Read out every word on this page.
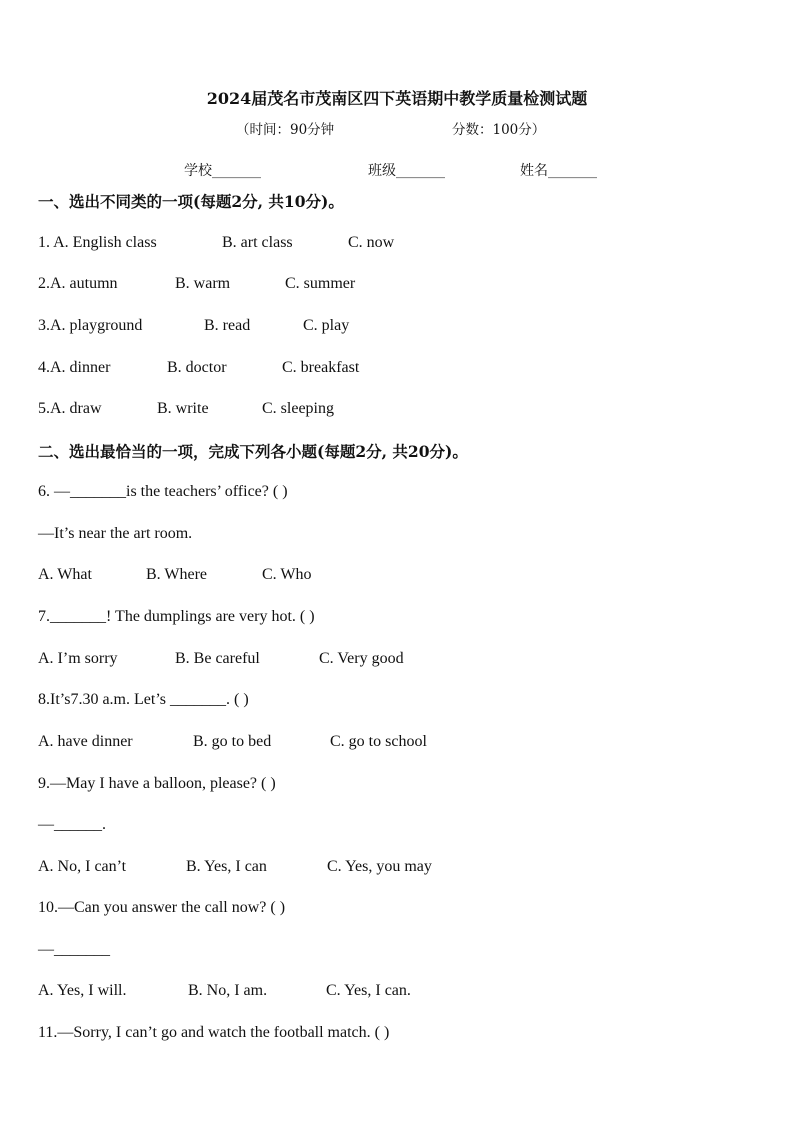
2024届茂名市茂南区四下英语期中教学质量检测试题
（时间：90分钟	分数：100分）
学校_______	班级_______	姓名_______
一、选出不同类的一项(每题2分, 共10分)。
1. A. English class	B. art class	C. now
2.A. autumn	B. warm	C. summer
3.A. playground	B. read	C. play
4.A. dinner	B. doctor	C. breakfast
5.A. draw	B. write	C. sleeping
二、选出最恰当的一项，完成下列各小题(每题2分, 共20分)。
6. —_______is the teachers’ office? ( )
—It’s near the art room.
A. What	B. Where	C. Who
7._______! The dumplings are very hot. ( )
A. I’m sorry	B. Be careful	C. Very good
8.It’s7.30 a.m. Let’s _______. ( )
A. have dinner	B. go to bed	C. go to school
9.—May I have a balloon, please? ( )
—______.
A. No, I can’t	B. Yes, I can	C. Yes, you may
10.—Can you answer the call now? ( )
—_______
A. Yes, I will.	B. No, I am.	C. Yes, I can.
11.—Sorry, I can’t go and watch the football match. ( )
